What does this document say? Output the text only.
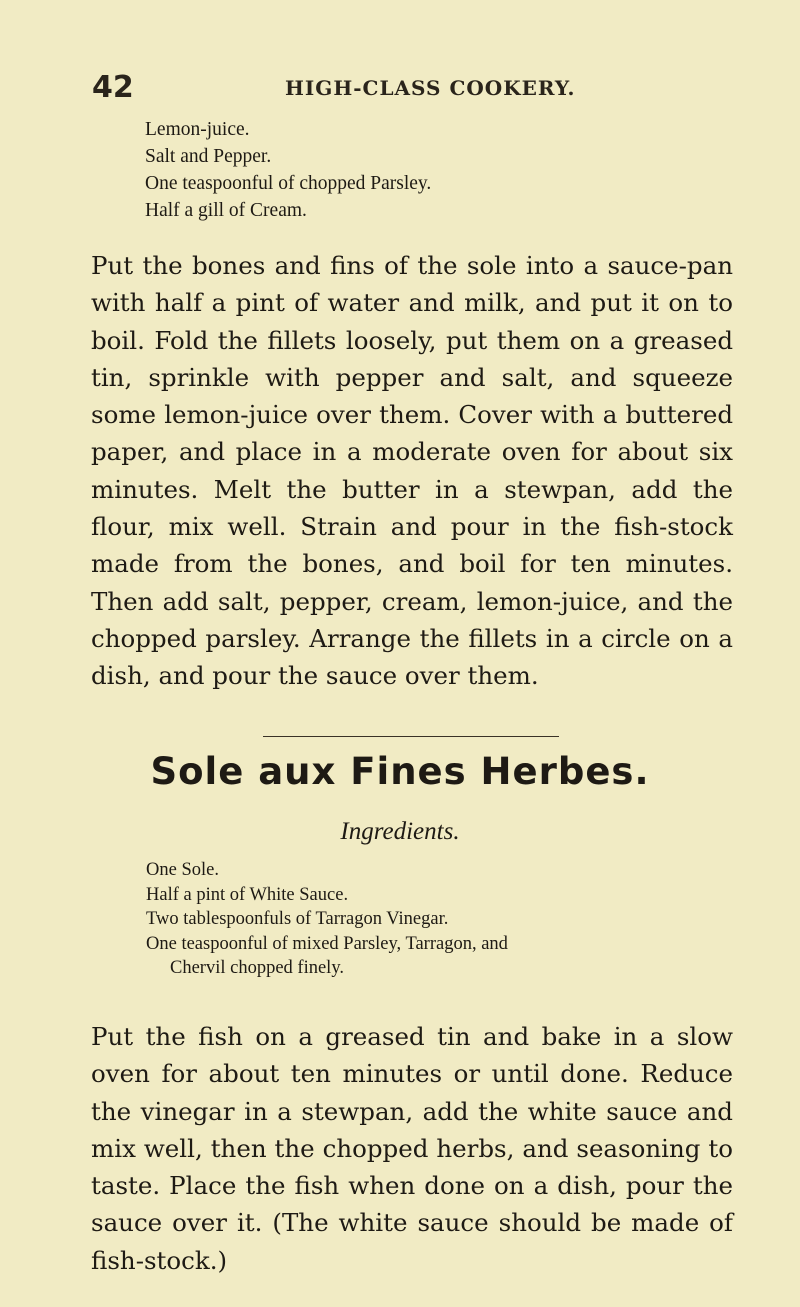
42	HIGH-CLASS COOKERY.

Lemon-juice.

Salt and Pepper.

One teaspoonful of chopped Parsley.

Half a gill of Cream.

Put the bones and fins of the sole into a sauce-pan with half a pint of water and milk, and put it on to boil. Fold the fillets loosely, put them on a greased tin, sprinkle with pepper and salt, and squeeze some lemon-juice over them. Cover with a buttered paper, and place in a moderate oven for about six minutes. Melt the butter in a stewpan, add the flour, mix well. Strain and pour in the fish-stock made from the bones, and boil for ten minutes. Then add salt, pepper, cream, lemon-juice, and the chopped parsley. Arrange the fillets in a circle on a dish, and pour the sauce over them.

Sole aux Fines Herbes.

Ingredients.

One Sole.

Half a pint of White Sauce.

Two tablespoonfuls of Tarragon Vinegar.

One teaspoonful of mixed Parsley, Tarragon, and

Chervil chopped finely.

Put the fish on a greased tin and bake in a slow oven for about ten minutes or until done. Reduce the vinegar in a stewpan, add the white sauce and mix well, then the chopped herbs, and seasoning to taste. Place the fish when done on a dish, pour the sauce over it. (The white sauce should be made of fish-stock.)
